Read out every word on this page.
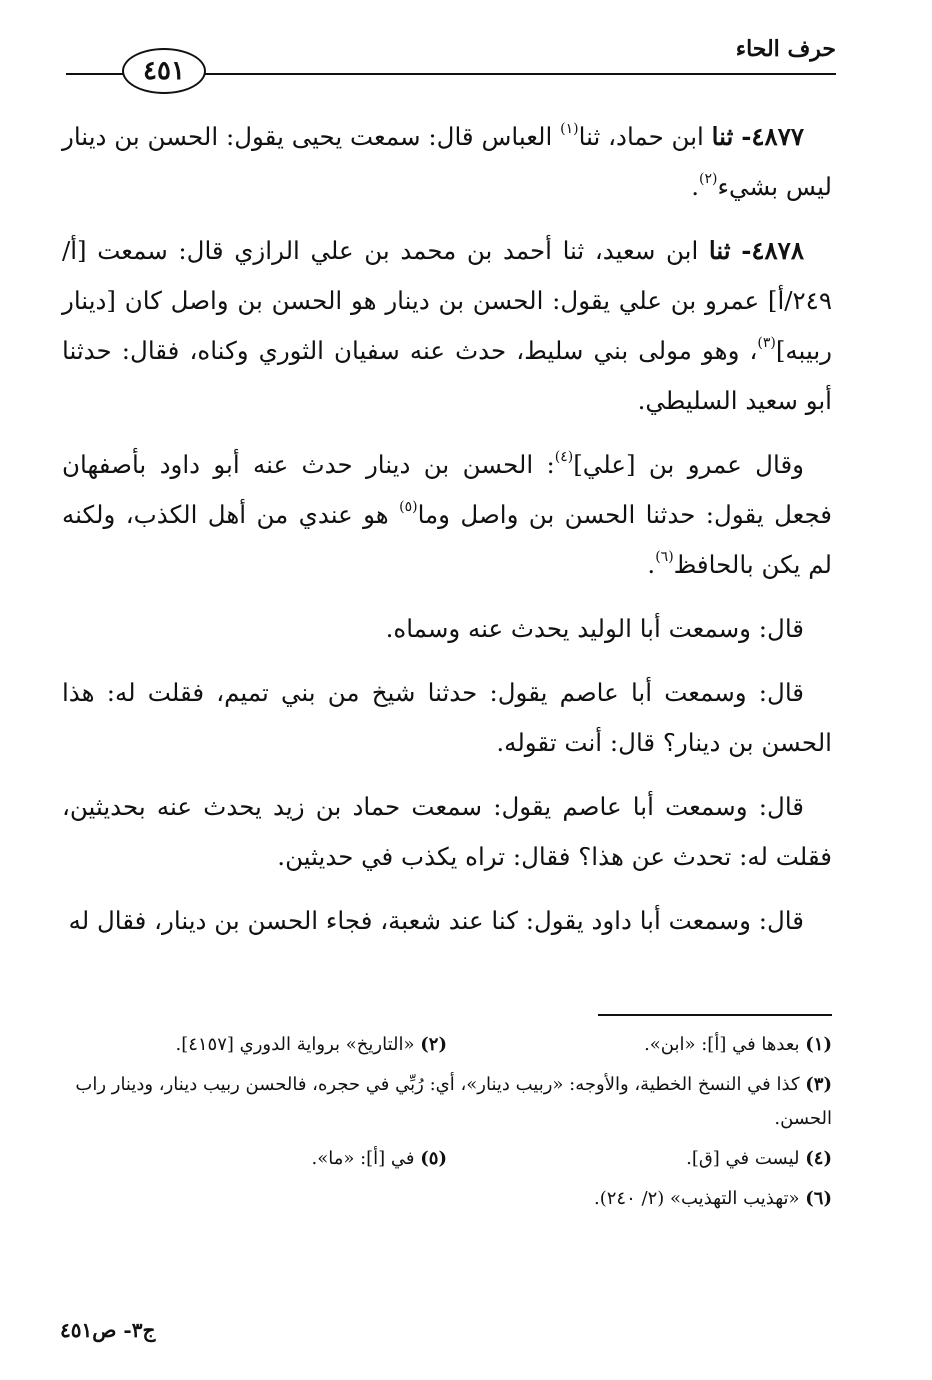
حرف الحاء
٤٥١

٤٨٧٧- ثنا ابن حماد، ثنا$^{(١)}$ العباس قال: سمعت يحيى يقول: الحسن بن دينار ليس بشيء$^{(٢)}$.

٤٨٧٨- ثنا ابن سعيد، ثنا أحمد بن محمد بن علي الرازي قال: سمعت [أ/٢٤٩/أ] عمرو بن علي يقول: الحسن بن دينار هو الحسن بن واصل كان [دينار ربيبه]$^{(٣)}$، وهو مولى بني سليط، حدث عنه سفيان الثوري وكناه، فقال: حدثنا أبو سعيد السليطي.

وقال عمرو بن [علي]$^{(٤)}$: الحسن بن دينار حدث عنه أبو داود بأصفهان فجعل يقول: حدثنا الحسن بن واصل وما$^{(٥)}$ هو عندي من أهل الكذب، ولكنه لم يكن بالحافظ$^{(٦)}$.

قال: وسمعت أبا الوليد يحدث عنه وسماه.

قال: وسمعت أبا عاصم يقول: حدثنا شيخ من بني تميم، فقلت له: هذا الحسن بن دينار؟ قال: أنت تقوله.

قال: وسمعت أبا عاصم يقول: سمعت حماد بن زيد يحدث عنه بحديثين، فقلت له: تحدث عن هذا؟ فقال: تراه يكذب في حديثين.

قال: وسمعت أبا داود يقول: كنا عند شعبة، فجاء الحسن بن دينار، فقال له

(١) بعدها في [أ]: «ابن».
(٢) «التاريخ» برواية الدوري [٤١٥٧].
(٣) كذا في النسخ الخطية، والأوجه: «ربيب دينار»، أي: رُبِّي في حجره، فالحسن ربيب دينار، ودينار راب الحسن.
(٤) ليست في [ق].
(٥) في [أ]: «ما».
(٦) «تهذيب التهذيب» (٢/ ٢٤٠).
ج٣- ص٤٥١
